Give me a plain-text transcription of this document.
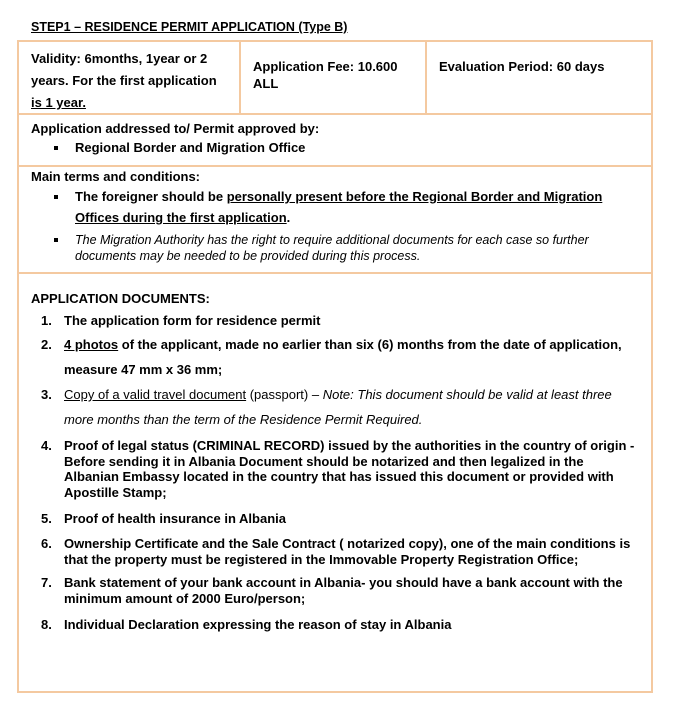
STEP1 – RESIDENCE PERMIT APPLICATION (Type B)
Validity: 6months, 1year or 2 years. For the first application is 1 year.
Application Fee: 10.600 ALL
Evaluation Period: 60 days
Application addressed to/ Permit approved by:
Regional Border and Migration Office
Main terms and conditions:
The foreigner should be personally present before the Regional Border and Migration Offices during the first application.
The Migration Authority has the right to require additional documents for each case so further documents may be needed to be provided during this process.
APPLICATION DOCUMENTS:
1. The application form for residence permit
2. 4 photos of the applicant, made no earlier than six (6) months from the date of application, measure 47 mm x 36 mm;
3. Copy of a valid travel document (passport) – Note: This document should be valid at least three more months than the term of the Residence Permit Required.
4. Proof of legal status (CRIMINAL RECORD) issued by the authorities in the country of origin - Before sending it in Albania Document should be notarized and then legalized in the Albanian Embassy located in the country that has issued this document or provided with Apostille Stamp;
5. Proof of health insurance in Albania
6. Ownership Certificate and the Sale Contract ( notarized copy), one of the main conditions is that the property must be registered in the Immovable Property Registration Office;
7. Bank statement of your bank account in Albania- you should have a bank account with the minimum amount of 2000 Euro/person;
8. Individual Declaration expressing the reason of stay in Albania
